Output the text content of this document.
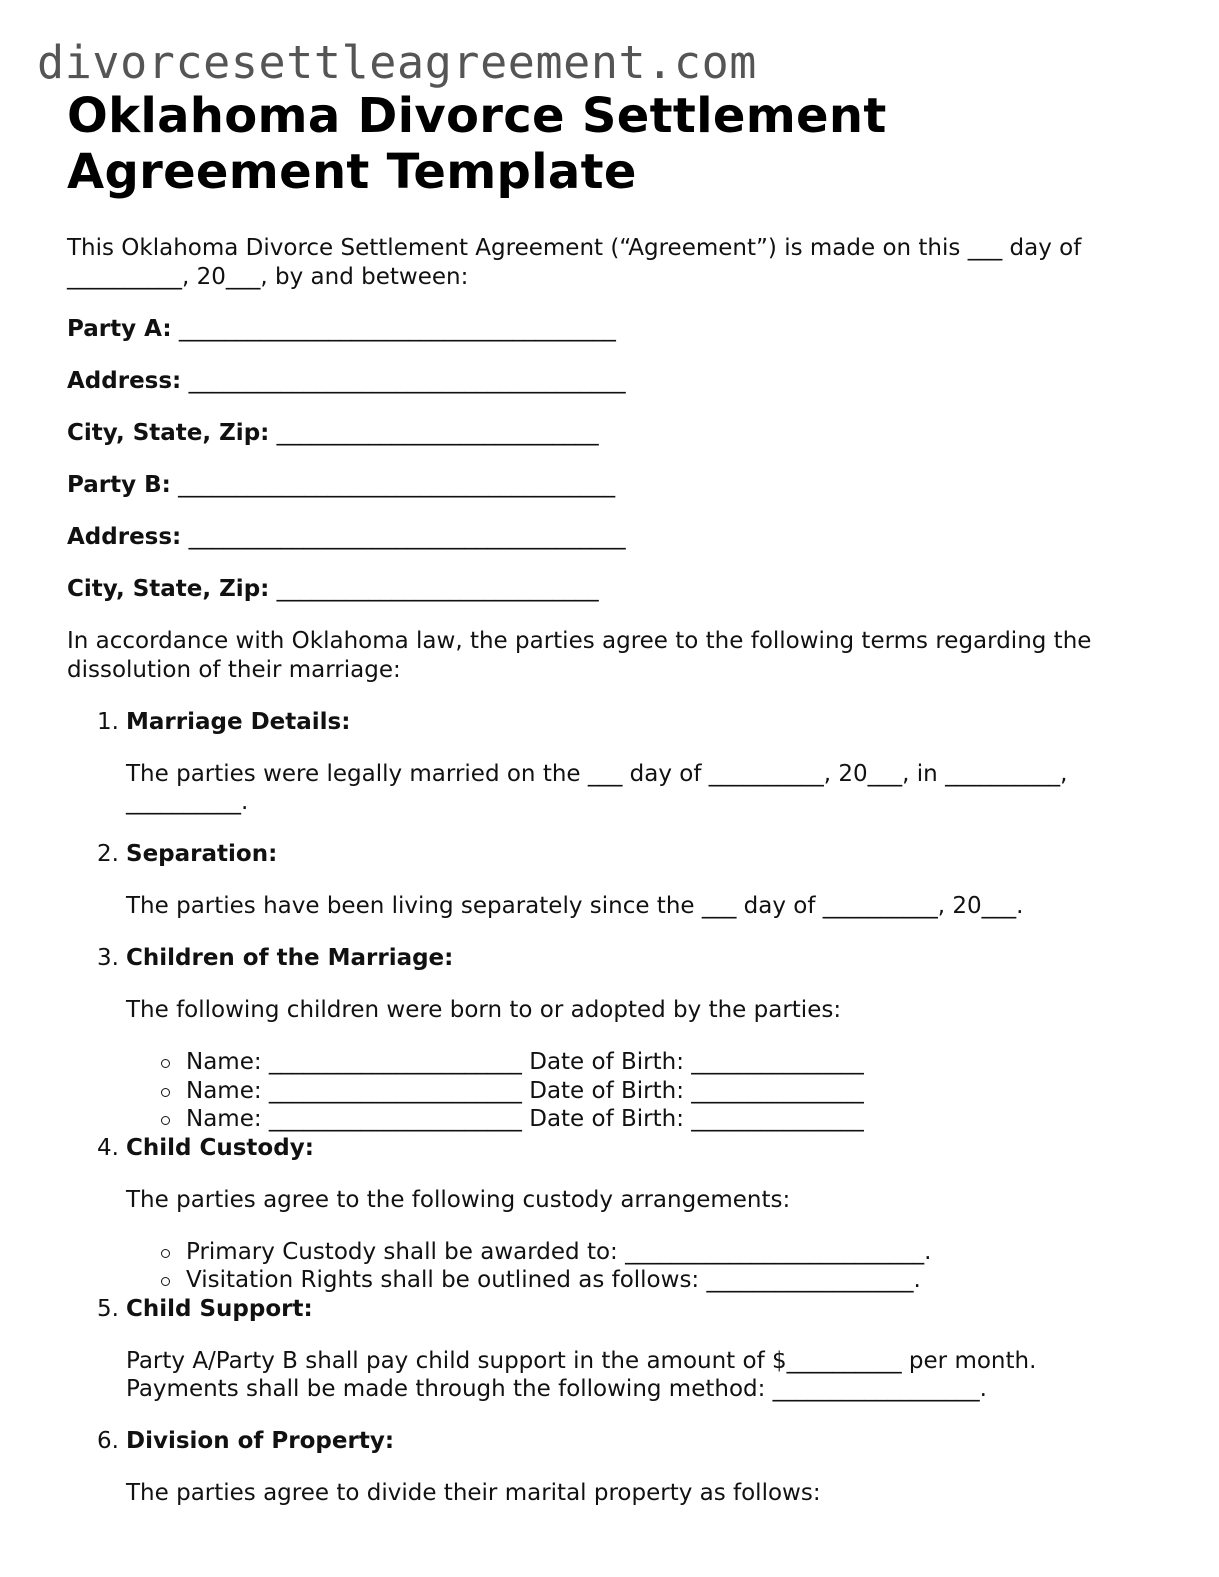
divorcesettleagreement.com
Oklahoma Divorce Settlement Agreement Template

This Oklahoma Divorce Settlement Agreement (“Agreement”) is made on this ___ day of __________, 20___, by and between:

Party A: ______________________________________

Address: ______________________________________

City, State, Zip: ____________________________

Party B: ______________________________________

Address: ______________________________________

City, State, Zip: ____________________________

In accordance with Oklahoma law, the parties agree to the following terms regarding the dissolution of their marriage:

1. Marriage Details:

The parties were legally married on the ___ day of __________, 20___, in __________, __________.

2. Separation:

The parties have been living separately since the ___ day of __________, 20___.

3. Children of the Marriage:

The following children were born to or adopted by the parties:

Name: ______________________ Date of Birth: _______________
Name: ______________________ Date of Birth: _______________
Name: ______________________ Date of Birth: _______________
4. Child Custody:

The parties agree to the following custody arrangements:

Primary Custody shall be awarded to: __________________________.
Visitation Rights shall be outlined as follows: __________________.
5. Child Support:

Party A/Party B shall pay child support in the amount of $__________ per month. Payments shall be made through the following method: __________________.

6. Division of Property:

The parties agree to divide their marital property as follows:
